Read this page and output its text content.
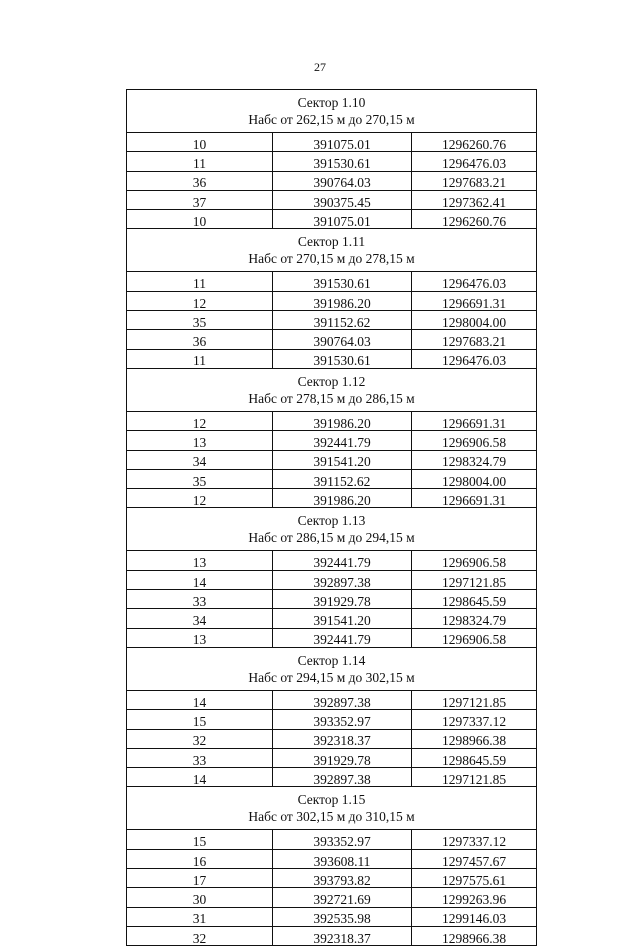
27
Сектор 1.10
Набс от 262,15 м до 270,15 м		

10	391075.01	1296260.76
11	391530.61	1296476.03
36	390764.03	1297683.21
37	390375.45	1297362.41
10	391075.01	1296260.76

Сектор 1.11
Набс от 270,15 м до 278,15 м		

11	391530.61	1296476.03
12	391986.20	1296691.31
35	391152.62	1298004.00
36	390764.03	1297683.21
11	391530.61	1296476.03

Сектор 1.12
Набс от 278,15 м до 286,15 м		

12	391986.20	1296691.31
13	392441.79	1296906.58
34	391541.20	1298324.79
35	391152.62	1298004.00
12	391986.20	1296691.31

Сектор 1.13
Набс от 286,15 м до 294,15 м		

13	392441.79	1296906.58
14	392897.38	1297121.85
33	391929.78	1298645.59
34	391541.20	1298324.79
13	392441.79	1296906.58

Сектор 1.14
Набс от 294,15 м до 302,15 м		

14	392897.38	1297121.85
15	393352.97	1297337.12
32	392318.37	1298966.38
33	391929.78	1298645.59
14	392897.38	1297121.85

Сектор 1.15
Набс от 302,15 м до 310,15 м		

15	393352.97	1297337.12
16	393608.11	1297457.67
17	393793.82	1297575.61
30	392721.69	1299263.96
31	392535.98	1299146.03
32	392318.37	1298966.38
